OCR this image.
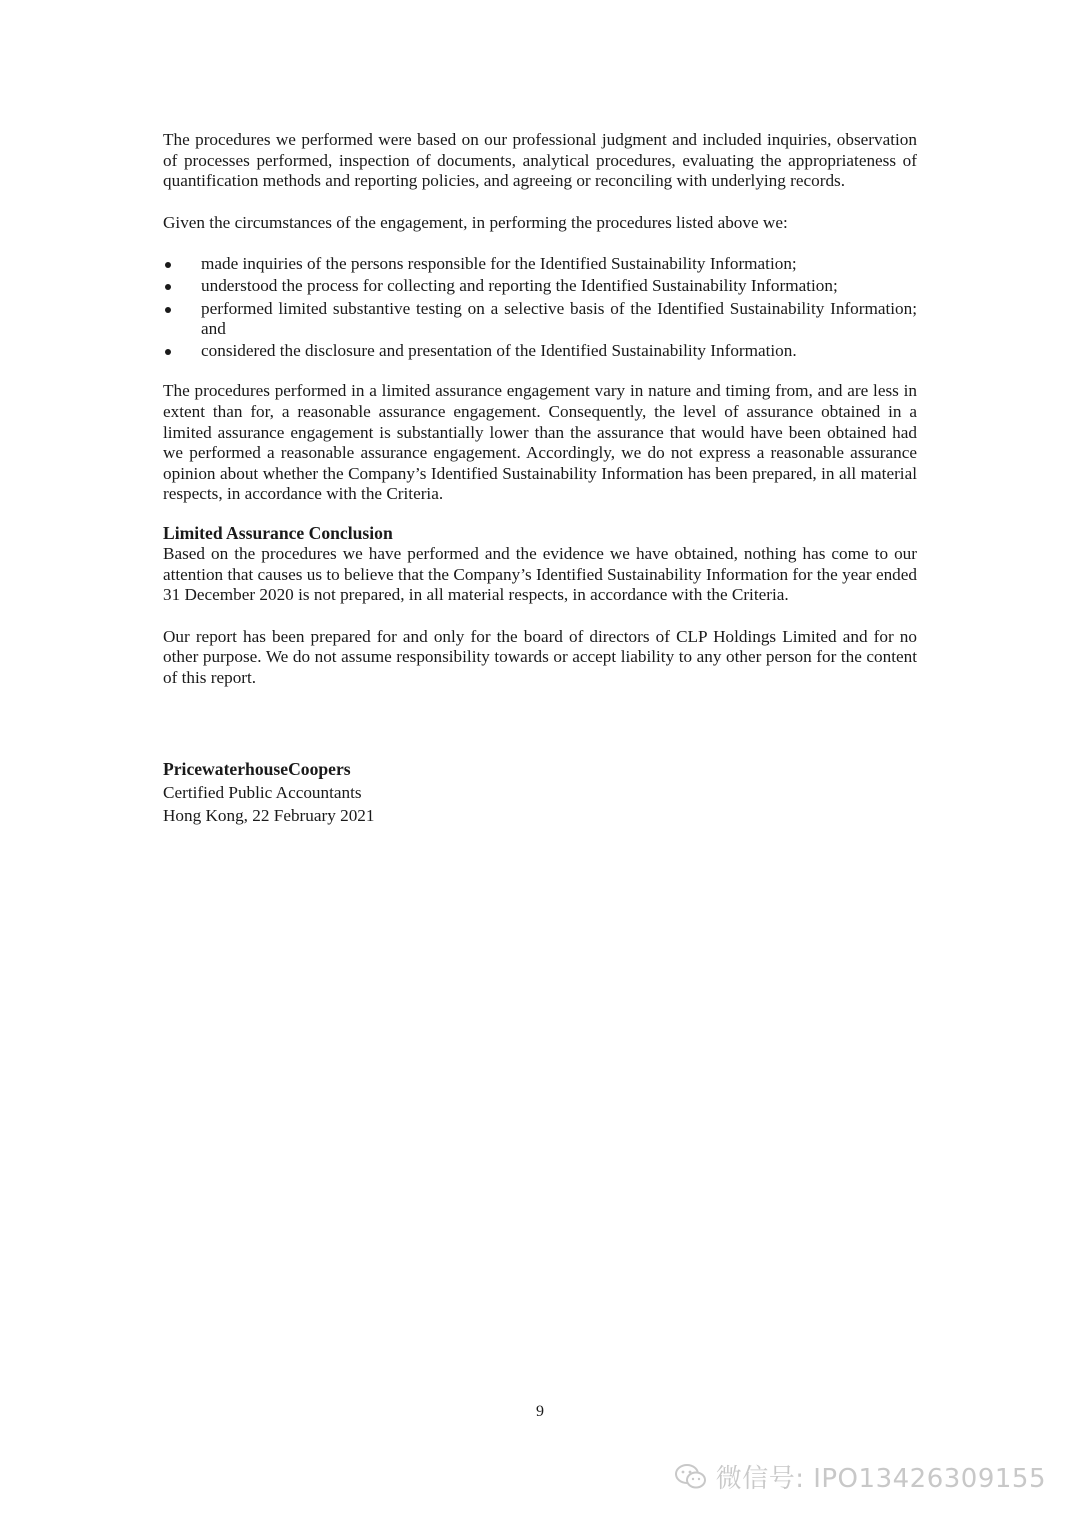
The procedures we performed were based on our professional judgment and included inquiries, observation of processes performed, inspection of documents, analytical procedures, evaluating the appropriateness of quantification methods and reporting policies, and agreeing or reconciling with underlying records.

Given the circumstances of the engagement, in performing the procedures listed above we:

made inquiries of the persons responsible for the Identified Sustainability Information;
understood the process for collecting and reporting the Identified Sustainability Information;
performed limited substantive testing on a selective basis of the Identified Sustainability Information; and
considered the disclosure and presentation of the Identified Sustainability Information.

The procedures performed in a limited assurance engagement vary in nature and timing from, and are less in extent than for, a reasonable assurance engagement. Consequently, the level of assurance obtained in a limited assurance engagement is substantially lower than the assurance that would have been obtained had we performed a reasonable assurance engagement. Accordingly, we do not express a reasonable assurance opinion about whether the Company’s Identified Sustainability Information has been prepared, in all material respects, in accordance with the Criteria.

Limited Assurance Conclusion

Based on the procedures we have performed and the evidence we have obtained, nothing has come to our attention that causes us to believe that the Company’s Identified Sustainability Information for the year ended 31 December 2020 is not prepared, in all material respects, in accordance with the Criteria.

Our report has been prepared for and only for the board of directors of CLP Holdings Limited and for no other purpose. We do not assume responsibility towards or accept liability to any other person for the content of this report.

PricewaterhouseCoopers
Certified Public Accountants
Hong Kong, 22 February 2021
9
微信号: IPO13426309155
